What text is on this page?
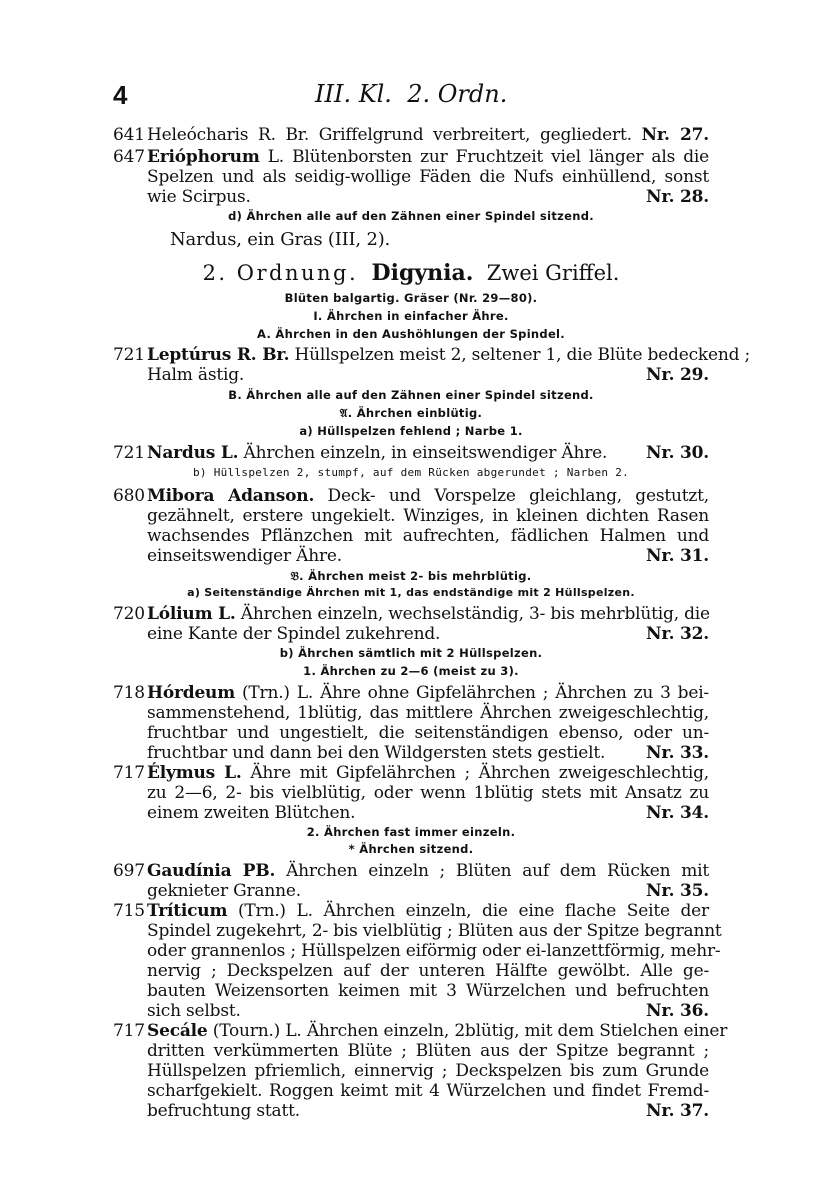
4	III. Kl.  2. Ordn.
641 Heleócharis R. Br. Griffelgrund verbreitert, gegliedert. Nr. 27.
647 Erióphorum L. Blütenborsten zur Fruchtzeit viel länger als die
Spelzen und als seidig-wollige Fäden die Nufs einhüllend, sonst
wie Scirpus.	Nr. 28.
d) Ährchen alle auf den Zähnen einer Spindel sitzend.
Nardus, ein Gras (III, 2).
2. Ordnung. Digynia. Zwei Griffel.
Blüten balgartig. Gräser (Nr. 29—80).
I. Ährchen in einfacher Ähre.
A. Ährchen in den Aushöhlungen der Spindel.
721 Leptúrus R. Br. Hüllspelzen meist 2, seltener 1, die Blüte bedeckend ;
Halm ästig.	Nr. 29.
B. Ährchen alle auf den Zähnen einer Spindel sitzend.
𝔄. Ährchen einblütig.
a) Hüllspelzen fehlend ; Narbe 1.
721 Nardus L. Ährchen einzeln, in einseitswendiger Ähre. Nr. 30.
b) Hüllspelzen 2, stumpf, auf dem Rücken abgerundet ; Narben 2.
680 Mibora Adanson. Deck- und Vorspelze gleichlang, gestutzt,
gezähnelt, erstere ungekielt. Winziges, in kleinen dichten Rasen
wachsendes Pflänzchen mit aufrechten, fädlichen Halmen und
einseitswendiger Ähre.	Nr. 31.
𝔅. Ährchen meist 2- bis mehrblütig.
a) Seitenständige Ährchen mit 1, das endständige mit 2 Hüllspelzen.
720 Lólium L. Ährchen einzeln, wechselständig, 3- bis mehrblütig, die
eine Kante der Spindel zukehrend.	Nr. 32.
b) Ährchen sämtlich mit 2 Hüllspelzen.
1. Ährchen zu 2—6 (meist zu 3).
718 Hórdeum (Trn.) L. Ähre ohne Gipfelährchen ; Ährchen zu 3 bei-
sammenstehend, 1blütig, das mittlere Ährchen zweigeschlechtig,
fruchtbar und ungestielt, die seitenständigen ebenso, oder un-
fruchtbar und dann bei den Wildgersten stets gestielt. Nr. 33.
717 Élymus L. Ähre mit Gipfelährchen ; Ährchen zweigeschlechtig,
zu 2—6, 2- bis vielblütig, oder wenn 1blütig stets mit Ansatz zu
einem zweiten Blütchen.	Nr. 34.
2. Ährchen fast immer einzeln.
* Ährchen sitzend.
697 Gaudínia PB. Ährchen einzeln ; Blüten auf dem Rücken mit
geknieter Granne.	Nr. 35.
715 Tríticum (Trn.) L. Ährchen einzeln, die eine flache Seite der
Spindel zugekehrt, 2- bis vielblütig ; Blüten aus der Spitze begrannt
oder grannenlos ; Hüllspelzen eiförmig oder ei-lanzettförmig, mehr-
nervig ; Deckspelzen auf der unteren Hälfte gewölbt. Alle ge-
bauten Weizensorten keimen mit 3 Würzelchen und befruchten
sich selbst.	Nr. 36.
717 Secále (Tourn.) L. Ährchen einzeln, 2blütig, mit dem Stielchen einer
dritten verkümmerten Blüte ; Blüten aus der Spitze begrannt ;
Hüllspelzen pfriemlich, einnervig ; Deckspelzen bis zum Grunde
scharfgekielt. Roggen keimt mit 4 Würzelchen und findet Fremd-
befruchtung statt.	Nr. 37.
